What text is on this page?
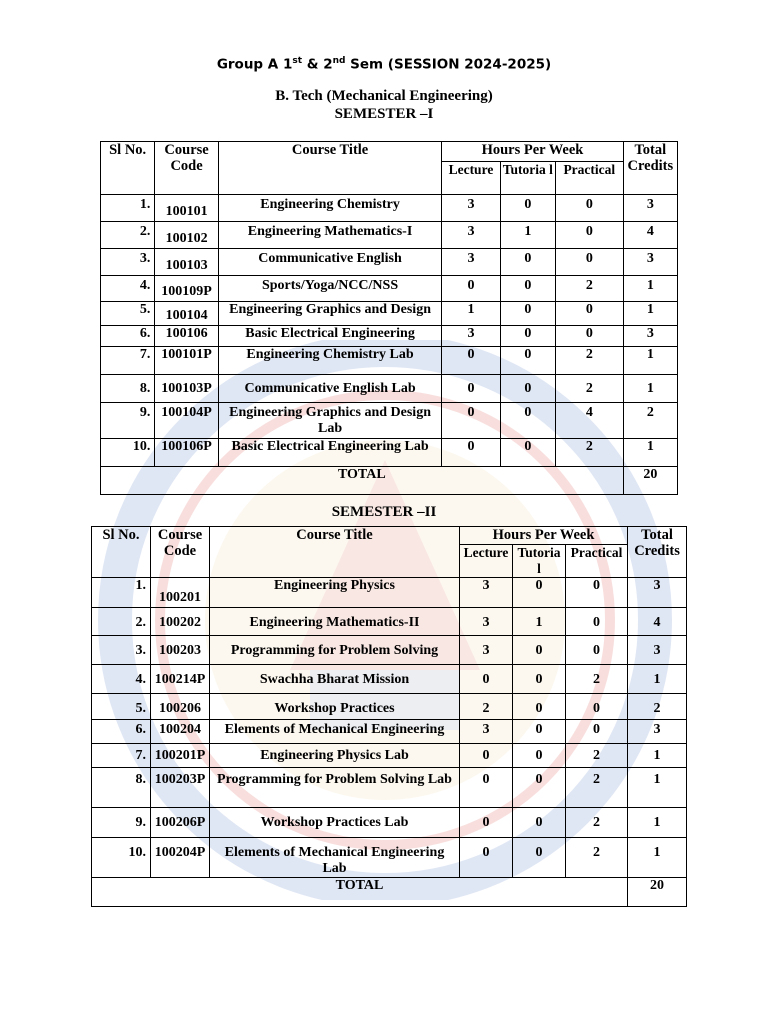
Group A 1st & 2nd Sem (SESSION 2024-2025)
B. Tech (Mechanical Engineering)
SEMESTER –I
Sl No.	Course Code	Course Title	Hours Per Week			Total Credits
			Lecture	Tutoria l	Practical	
1.	100101	Engineering Chemistry	3	0	0	3
2.	100102	Engineering Mathematics-I	3	1	0	4
3.	100103	Communicative English	3	0	0	3
4.	100109P	Sports/Yoga/NCC/NSS	0	0	2	1
5.	100104	Engineering Graphics and Design	1	0	0	1
6.	100106	Basic Electrical Engineering	3	0	0	3
7.	100101P	Engineering Chemistry Lab	0	0	2	1
8.	100103P	Communicative English Lab	0	0	2	1
9.	100104P	Engineering Graphics and Design Lab	0	0	4	2
10.	100106P	Basic Electrical Engineering Lab	0	0	2	1
TOTAL						20
SEMESTER –II
Sl No.	Course Code	Course Title	Hours Per Week			Total Credits
			Lecture	Tutoria l	Practical	
1.	100201	Engineering Physics	3	0	0	3
2.	100202	Engineering Mathematics-II	3	1	0	4
3.	100203	Programming for Problem Solving	3	0	0	3
4.	100214P	Swachha Bharat Mission	0	0	2	1
5.	100206	Workshop Practices	2	0	0	2
6.	100204	Elements of Mechanical Engineering	3	0	0	3
7.	100201P	Engineering Physics Lab	0	0	2	1
8.	100203P	Programming for Problem Solving Lab	0	0	2	1
9.	100206P	Workshop Practices Lab	0	0	2	1
10.	100204P	Elements of Mechanical Engineering Lab	0	0	2	1
TOTAL						20
